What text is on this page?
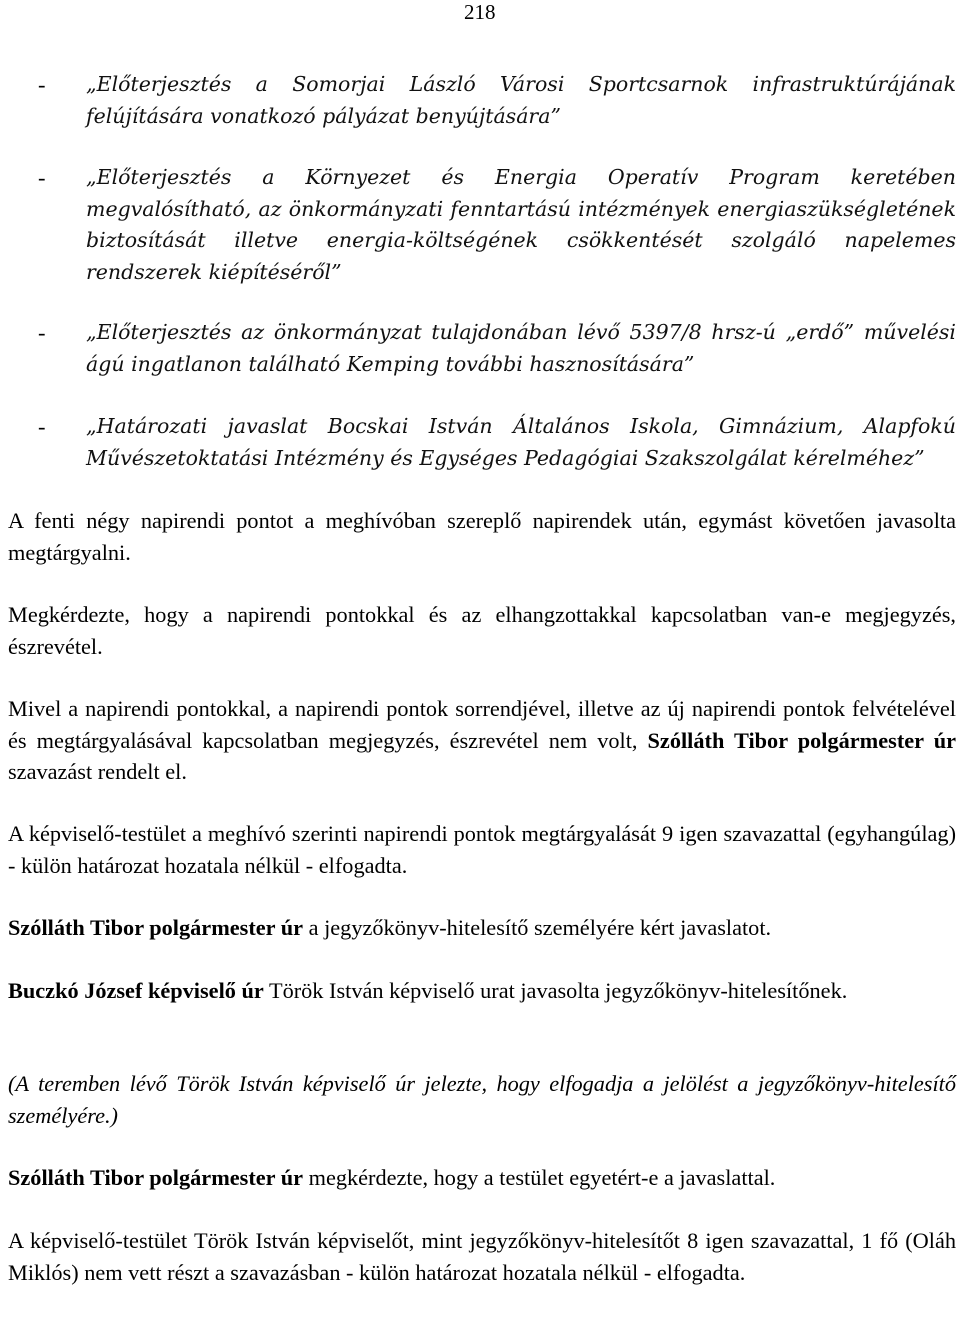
218
- „Előterjesztés a Somorjai László Városi Sportcsarnok infrastruktúrájának felújítására vonatkozó pályázat benyújtására”
- „Előterjesztés a Környezet és Energia Operatív Program keretében megvalósítható, az önkormányzati fenntartású intézmények energiaszükségletének biztosítását illetve energia-költségének csökkentését szolgáló napelemes rendszerek kiépítéséről”
- „Előterjesztés az önkormányzat tulajdonában lévő 5397/8 hrsz-ú „erdő” művelési ágú ingatlanon található Kemping további hasznosítására”
- „Határozati javaslat Bocskai István Általános Iskola, Gimnázium, Alapfokú Művészetoktatási Intézmény és Egységes Pedagógiai Szakszolgálat kérelméhez”
A fenti négy napirendi pontot a meghívóban szereplő napirendek után, egymást követően javasolta megtárgyalni.
Megkérdezte, hogy a napirendi pontokkal és az elhangzottakkal kapcsolatban van-e megjegyzés, észrevétel.
Mivel a napirendi pontokkal, a napirendi pontok sorrendjével, illetve az új napirendi pontok felvételével és megtárgyalásával kapcsolatban megjegyzés, észrevétel nem volt, Szólláth Tibor polgármester úr szavazást rendelt el.
A képviselő-testület a meghívó szerinti napirendi pontok megtárgyalását 9 igen szavazattal (egyhangúlag) - külön határozat hozatala nélkül - elfogadta.
Szólláth Tibor polgármester úr a jegyzőkönyv-hitelesítő személyére kért javaslatot.
Buczkó József képviselő úr Török István képviselő urat javasolta jegyzőkönyv-hitelesítőnek.
(A teremben lévő Török István képviselő úr jelezte, hogy elfogadja a jelölést a jegyzőkönyv-hitelesítő személyére.)
Szólláth Tibor polgármester úr megkérdezte, hogy a testület egyetért-e a javaslattal.
A képviselő-testület Török István képviselőt, mint jegyzőkönyv-hitelesítőt 8 igen szavazattal, 1 fő (Oláh Miklós) nem vett részt a szavazásban - külön határozat hozatala nélkül - elfogadta.
